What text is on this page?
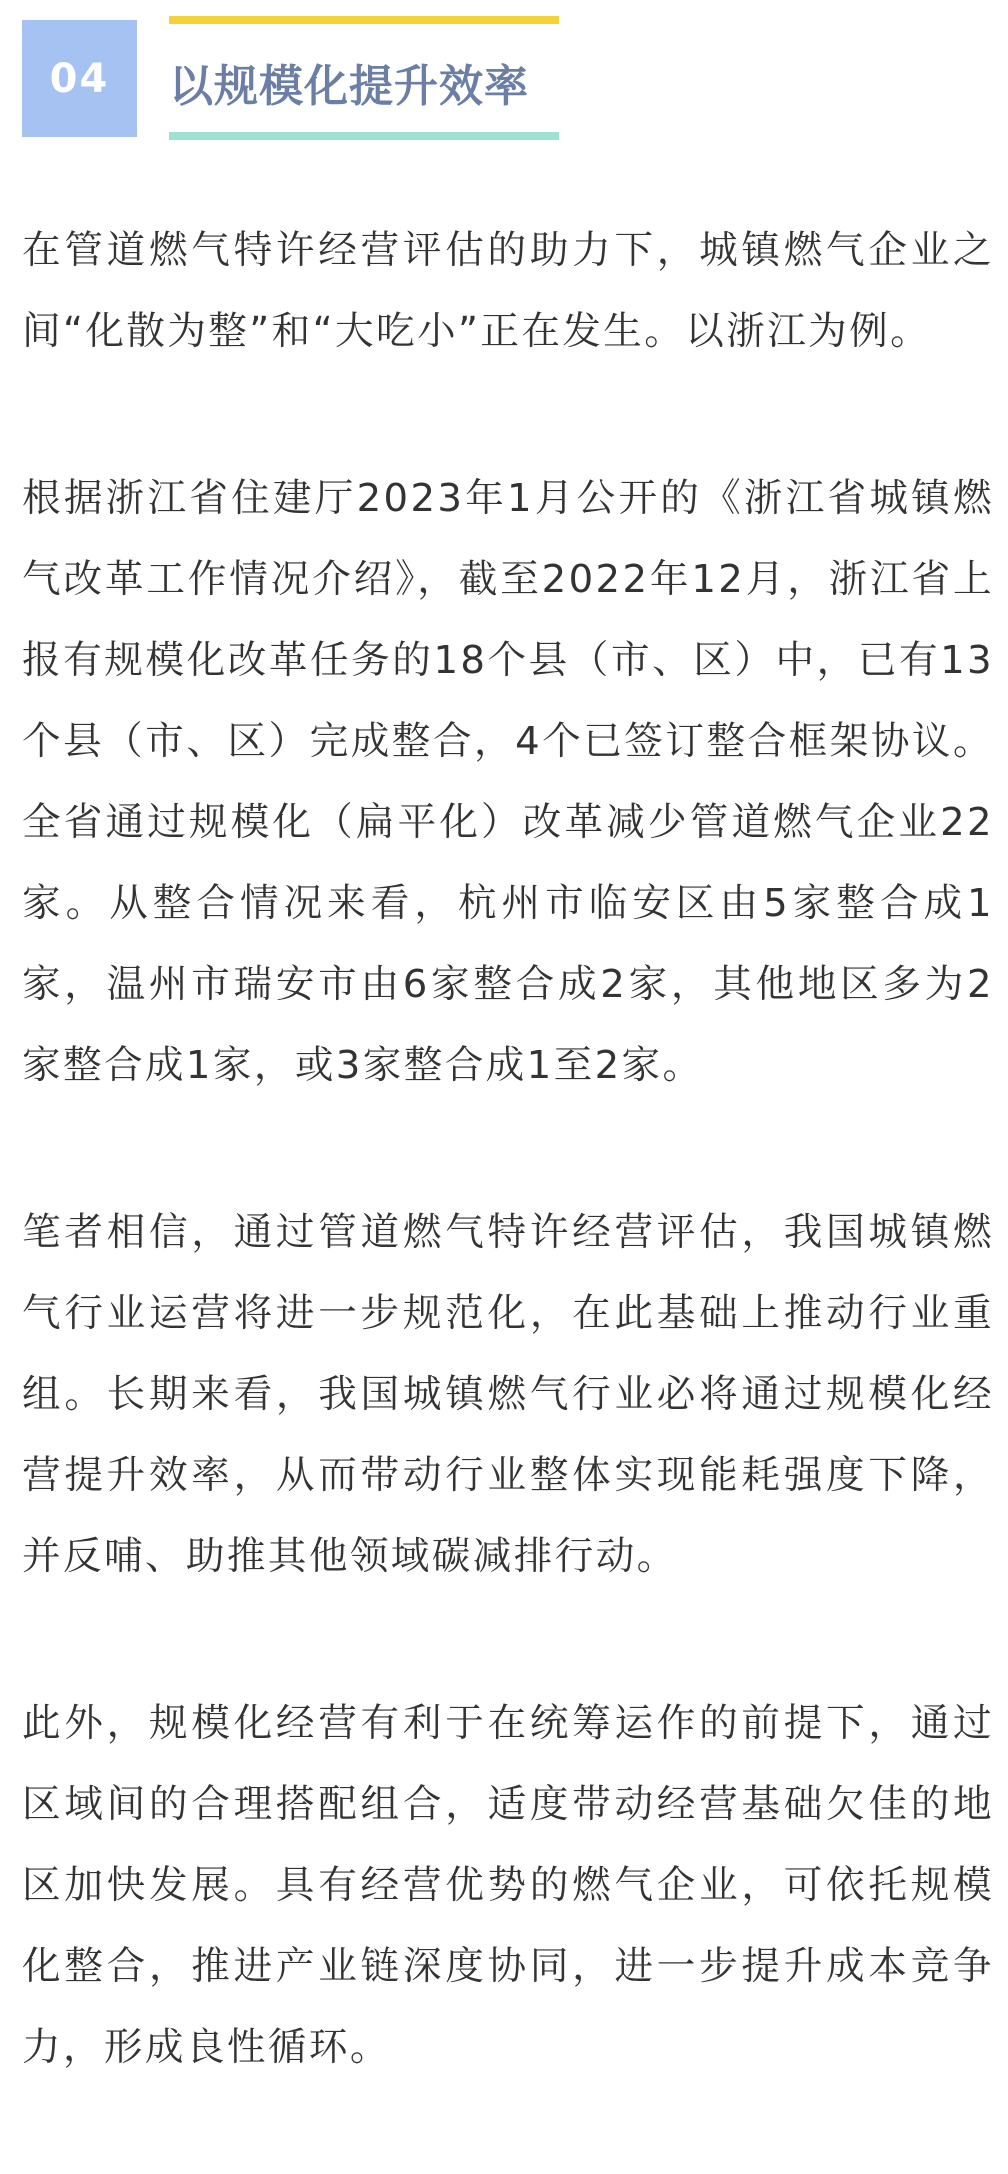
04 以规模化提升效率

在管道燃气特许经营评估的助力下，城镇燃气企业之间“化散为整”和“大吃小”正在发生。以浙江为例。

根据浙江省住建厅2023年1月公开的《浙江省城镇燃气改革工作情况介绍》，截至2022年12月，浙江省上报有规模化改革任务的18个县（市、区）中，已有13个县（市、区）完成整合，4个已签订整合框架协议。全省通过规模化（扁平化）改革减少管道燃气企业22家。从整合情况来看，杭州市临安区由5家整合成1家，温州市瑞安市由6家整合成2家，其他地区多为2家整合成1家，或3家整合成1至2家。

笔者相信，通过管道燃气特许经营评估，我国城镇燃气行业运营将进一步规范化，在此基础上推动行业重组。长期来看，我国城镇燃气行业必将通过规模化经营提升效率，从而带动行业整体实现能耗强度下降，并反哺、助推其他领域碳减排行动。

此外，规模化经营有利于在统筹运作的前提下，通过区域间的合理搭配组合，适度带动经营基础欠佳的地区加快发展。具有经营优势的燃气企业，可依托规模化整合，推进产业链深度协同，进一步提升成本竞争力，形成良性循环。
